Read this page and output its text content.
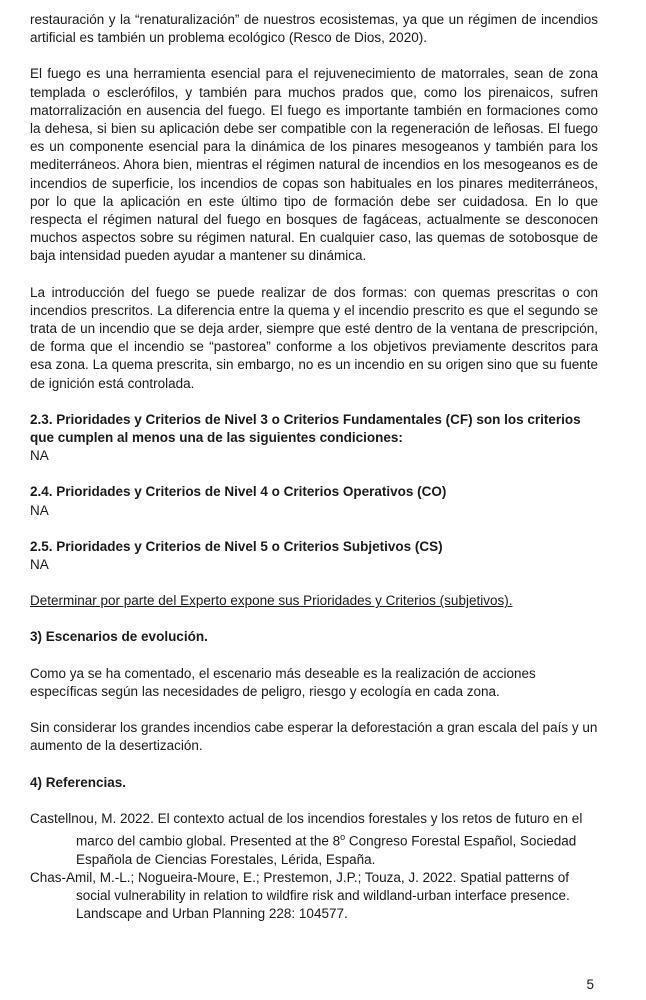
restauración y la “renaturalización” de nuestros ecosistemas, ya que un régimen de incendios artificial es también un problema ecológico (Resco de Dios, 2020).

El fuego es una herramienta esencial para el rejuvenecimiento de matorrales, sean de zona templada o esclerófilos, y también para muchos prados que, como los pirenaicos, sufren matorralización en ausencia del fuego. El fuego es importante también en formaciones como la dehesa, si bien su aplicación debe ser compatible con la regeneración de leñosas. El fuego es un componente esencial para la dinámica de los pinares mesogeanos y también para los mediterráneos. Ahora bien, mientras el régimen natural de incendios en los mesogeanos es de incendios de superficie, los incendios de copas son habituales en los pinares mediterráneos, por lo que la aplicación en este último tipo de formación debe ser cuidadosa. En lo que respecta el régimen natural del fuego en bosques de fagáceas, actualmente se desconocen muchos aspectos sobre su régimen natural. En cualquier caso, las quemas de sotobosque de baja intensidad pueden ayudar a mantener su dinámica.

La introducción del fuego se puede realizar de dos formas: con quemas prescritas o con incendios prescritos. La diferencia entre la quema y el incendio prescrito es que el segundo se trata de un incendio que se deja arder, siempre que esté dentro de la ventana de prescripción, de forma que el incendio se “pastorea” conforme a los objetivos previamente descritos para esa zona. La quema prescrita, sin embargo, no es un incendio en su origen sino que su fuente de ignición está controlada.

2.3. Prioridades y Criterios de Nivel 3 o Criterios Fundamentales (CF) son los criterios que cumplen al menos una de las siguientes condiciones:

NA

2.4. Prioridades y Criterios de Nivel 4 o Criterios Operativos (CO)

NA

2.5. Prioridades y Criterios de Nivel 5 o Criterios Subjetivos (CS)

NA

Determinar por parte del Experto expone sus Prioridades y Criterios (subjetivos).

3) Escenarios de evolución.

Como ya se ha comentado, el escenario más deseable es la realización de acciones específicas según las necesidades de peligro, riesgo y ecología en cada zona.

Sin considerar los grandes incendios cabe esperar la deforestación a gran escala del país y un aumento de la desertización.

4) Referencias.

Castellnou, M. 2022. El contexto actual de los incendios forestales y los retos de futuro en el marco del cambio global. Presented at the 8$^o$ Congreso Forestal Español, Sociedad Española de Ciencias Forestales, Lérida, España.

Chas-Amil, M.-L.; Nogueira-Moure, E.; Prestemon, J.P.; Touza, J. 2022. Spatial patterns of social vulnerability in relation to wildfire risk and wildland-urban interface presence. Landscape and Urban Planning 228: 104577.

5
